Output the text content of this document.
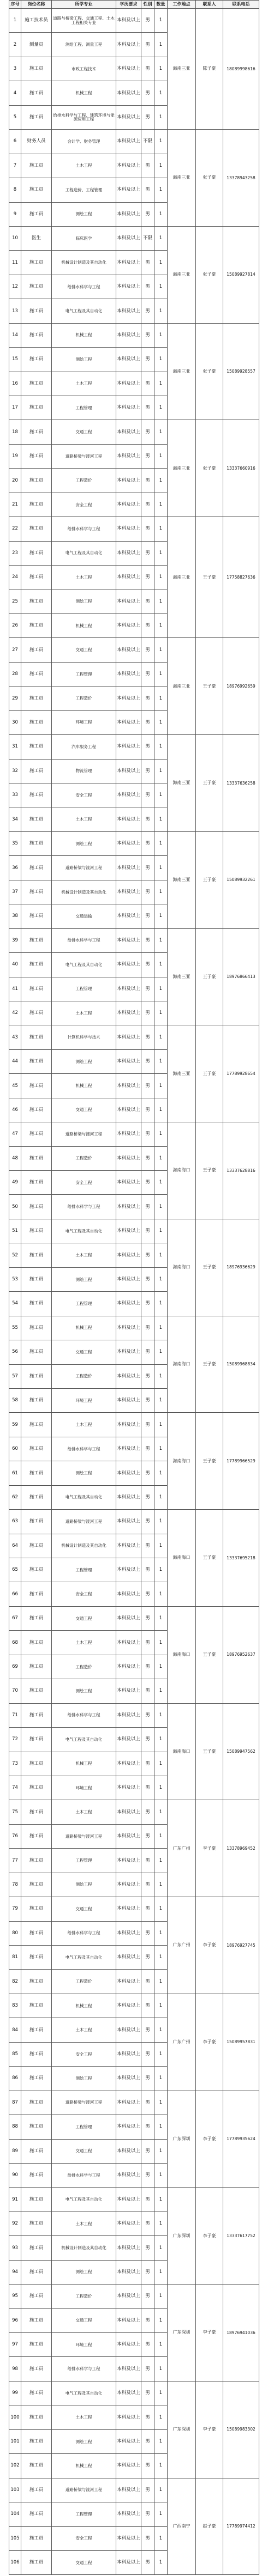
序号	岗位名称	所学专业	学历要求	性别	数量	工作地点	联系人	联系电话
1	施工技术员	道路与桥梁工程、交通工程、土木工程相关专业	本科及以上	男	1	海南三亚	陈子豪	18089998616
2	测量员	测绘工程、测量工程	本科及以上	男	1			
3	施工员	市政工程技术	本科及以上	男	1			
4	施工员	机械工程	本科及以上	男	1			
5	施工员	给排水科学与工程、建筑环境与能源应用工程	本科及以上	男	1			
6	财务人员	会计学、财务管理	本科及以上	不限	1	海南三亚	张子豪	13378943258
7	施工员	土木工程	本科及以上	男	1			
8	施工员	工程造价、工程管理	本科及以上	男	1			
9	施工员	测绘工程	本科及以上	男	1			
10	医生	临床医学	本科及以上	不限	1	海南三亚	张子豪	15089927814
11	施工员	机械设计制造及其自动化	本科及以上	男	1			
12	施工员	给排水科学与工程	本科及以上	男	1			
13	施工员	电气工程及其自动化	本科及以上	男	1			
14	施工员	机械工程	本科及以上	男	1	海南三亚	张子豪	15089928557
15	施工员	测绘工程	本科及以上	男	1			
16	施工员	土木工程	本科及以上	男	1			
17	施工员	工程管理	本科及以上	男	1			
18	施工员	交通工程	本科及以上	男	1	海南三亚	张子豪	13337660916
19	施工员	道路桥梁与渡河工程	本科及以上	男	1			
20	施工员	工程造价	本科及以上	男	1			
21	施工员	安全工程	本科及以上	男	1			
22	施工员	给排水科学与工程	本科及以上	男	1	海南三亚	王子豪	17758827636
23	施工员	电气工程及其自动化	本科及以上	男	1			
24	施工员	土木工程	本科及以上	男	1			
25	施工员	测绘工程	本科及以上	男	1			
26	施工员	机械工程	本科及以上	男	1			
27	施工员	交通工程	本科及以上	男	1	海南三亚	王子豪	18976992659
28	施工员	工程管理	本科及以上	男	1			
29	施工员	工程造价	本科及以上	男	1			
30	施工员	环境工程	本科及以上	男	1			
31	施工员	汽车服务工程	本科及以上	男	1	海南三亚	王子豪	13337636258
32	施工员	物流管理	本科及以上	男	1			
33	施工员	安全工程	本科及以上	男	1			
34	施工员	土木工程	本科及以上	男	1			
35	施工员	测绘工程	本科及以上	男	1	海南三亚	王子豪	15089932261
36	施工员	道路桥梁与渡河工程	本科及以上	男	1			
37	施工员	机械设计制造及其自动化	本科及以上	男	1			
38	施工员	交通运输	本科及以上	男	1			
39	施工员	给排水科学与工程	本科及以上	男	1	海南三亚	王子豪	18976866413
40	施工员	电气工程及其自动化	本科及以上	男	1			
41	施工员	工程管理	本科及以上	男	1			
42	施工员	土木工程	本科及以上	男	1			
43	施工员	计算机科学与技术	本科及以上	男	1	海南三亚	王子豪	17789928654
44	施工员	测绘工程	本科及以上	男	1			
45	施工员	机械工程	本科及以上	男	1			
46	施工员	交通工程	本科及以上	男	1			
47	施工员	道路桥梁与渡河工程	本科及以上	男	1	海南海口	王子豪	13337628816
48	施工员	工程造价	本科及以上	男	1			
49	施工员	安全工程	本科及以上	男	1			
50	施工员	给排水科学与工程	本科及以上	男	1			
51	施工员	电气工程及其自动化	本科及以上	男	1	海南海口	王子豪	18976936629
52	施工员	土木工程	本科及以上	男	1			
53	施工员	测绘工程	本科及以上	男	1			
54	施工员	工程管理	本科及以上	男	1			
55	施工员	机械工程	本科及以上	男	1	海南海口	王子豪	15089968834
56	施工员	交通工程	本科及以上	男	1			
57	施工员	工程造价	本科及以上	男	1			
58	施工员	环境工程	本科及以上	男	1			
59	施工员	土木工程	本科及以上	男	1	海南海口	王子豪	17789966529
60	施工员	给排水科学与工程	本科及以上	男	1			
61	施工员	测绘工程	本科及以上	男	1			
62	施工员	电气工程及其自动化	本科及以上	男	1			
63	施工员	道路桥梁与渡河工程	本科及以上	男	1	海南海口	王子豪	13337695218
64	施工员	机械设计制造及其自动化	本科及以上	男	1			
65	施工员	工程管理	本科及以上	男	1			
66	施工员	安全工程	本科及以上	男	1			
67	施工员	交通工程	本科及以上	男	1	海南海口	王子豪	18976952637
68	施工员	土木工程	本科及以上	男	1			
69	施工员	工程造价	本科及以上	男	1			
70	施工员	测绘工程	本科及以上	男	1			
71	施工员	给排水科学与工程	本科及以上	男	1	海南海口	王子豪	15089947562
72	施工员	电气工程及其自动化	本科及以上	男	1			
73	施工员	机械工程	本科及以上	男	1			
74	施工员	环境工程	本科及以上	男	1			
75	施工员	土木工程	本科及以上	男	1	广东广州	李子豪	13378969452
76	施工员	道路桥梁与渡河工程	本科及以上	男	1			
77	施工员	工程管理	本科及以上	男	1			
78	施工员	测绘工程	本科及以上	男	1			
79	施工员	交通工程	本科及以上	男	1	广东广州	李子豪	18976927745
80	施工员	给排水科学与工程	本科及以上	男	1			
81	施工员	电气工程及其自动化	本科及以上	男	1			
82	施工员	工程造价	本科及以上	男	1			
83	施工员	机械工程	本科及以上	男	1	广东广州	李子豪	15089957831
84	施工员	土木工程	本科及以上	男	1			
85	施工员	安全工程	本科及以上	男	1			
86	施工员	测绘工程	本科及以上	男	1			
87	施工员	道路桥梁与渡河工程	本科及以上	男	1	广东深圳	李子豪	17789935624
88	施工员	工程管理	本科及以上	男	1			
89	施工员	交通工程	本科及以上	男	1			
90	施工员	给排水科学与工程	本科及以上	男	1			
91	施工员	电气工程及其自动化	本科及以上	男	1	广东深圳	李子豪	13337617752
92	施工员	土木工程	本科及以上	男	1			
93	施工员	机械设计制造及其自动化	本科及以上	男	1			
94	施工员	测绘工程	本科及以上	男	1			
95	施工员	工程造价	本科及以上	男	1	广东深圳	李子豪	18976941036
96	施工员	交通工程	本科及以上	男	1			
97	施工员	环境工程	本科及以上	男	1			
98	施工员	给排水科学与工程	本科及以上	男	1			
99	施工员	电气工程及其自动化	本科及以上	男	1	广东深圳	李子豪	15089983302
100	施工员	土木工程	本科及以上	男	1			
101	施工员	测绘工程	本科及以上	男	1			
102	施工员	机械工程	本科及以上	男	1			
103	施工员	道路桥梁与渡河工程	本科及以上	男	1	广西南宁	赵子豪	17789974412
104	施工员	工程管理	本科及以上	男	1			
105	施工员	安全工程	本科及以上	男	1			
106	施工员	交通工程	本科及以上	男	1			
